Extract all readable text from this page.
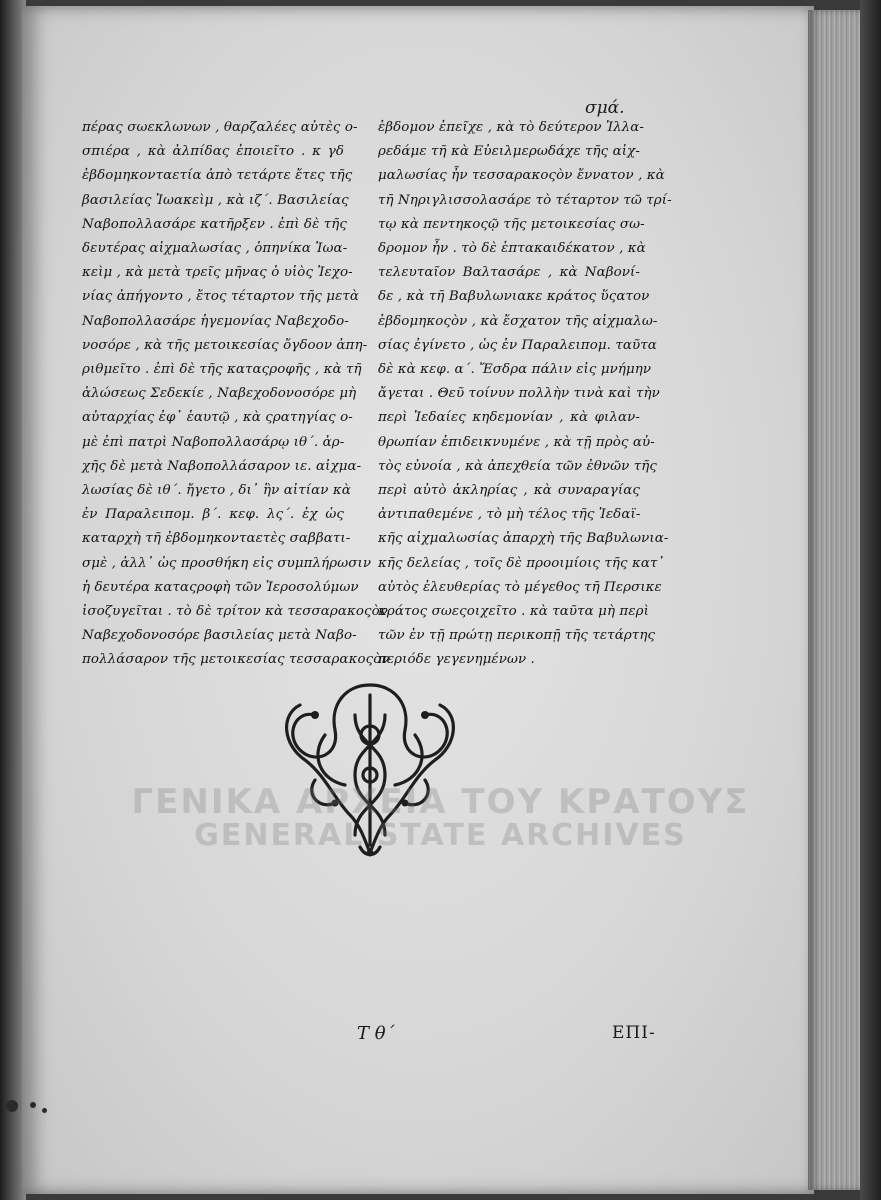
σμά.
πέρας σωεκλωνων , θαρζαλέες αὐτὲς ο-
σπιέρα , κὰ ἀλπίδας ἐποιεῖτο . κ γδ
ἐβδομηκονταετία ἀπὸ τετάρτε ἔτες τῆς
βασιλείας Ἰωακεὶμ , κὰ ιζ΄. Βασιλείας
Ναβοπολλασάρε κατῆρξεν . ἐπὶ δὲ τῆς
δευτέρας αἰχμαλωσίας , ὁπηνίκα Ἰωα-
κεὶμ , κὰ μετὰ τρεῖς μῆνας ὁ υἱὸς Ἰεχο-
νίας ἀπήγοντο , ἔτος τέταρτον τῆς μετὰ
Ναβοπολλασάρε ἡγεμονίας Ναβεχοδο-
νοσόρε , κὰ τῆς μετοικεσίας ὄγδοον ἀπη-
ριθμεῖτο . ἐπὶ δὲ τῆς καταςροφῆς , κὰ τῆ
ἁλώσεως Σεδεκίε , Ναβεχοδονοσόρε μὴ
αὐταρχίας ἐφ᾽ ἑαυτῷ , κὰ ςρατηγίας ο-
μὲ ἐπὶ πατρὶ Ναβοπολλασάρῳ ιθ΄. ἀρ-
χῆς δὲ μετὰ Ναβοπολλάσαρον ιε. αἰχμα-
λωσίας δὲ ιθ΄. ἤγετο , δι᾽ ἣν αἰτίαν κὰ
ἐν Παραλειπομ. β΄. κεφ. λς΄. ἐχ ὡς
καταρχὴ τῆ ἐβδομηκονταετὲς σαββατι-
σμὲ , ἀλλ᾽ ὡς προσθήκη εἰς συμπλήρωσιν
ἡ δευτέρα καταςροφὴ τῶν Ἱεροσολύμων
ἰσοζυγεῖται . τὸ δὲ τρίτον κὰ τεσσαρακοςὸν
Ναβεχοδονοσόρε βασιλείας μετὰ Ναβο-
πολλάσαρον τῆς μετοικεσίας τεσσαρακοςὸν
ἑβδομον ἐπεῖχε , κὰ τὸ δεύτερον Ἰλλα-
ρεδάμε τῆ κὰ Εὐειλμερωδάχε τῆς αἰχ-
μαλωσίας ἦν τεσσαρακοςὸν ἔννατον , κὰ
τῆ Νηριγλισσολασάρε τὸ τέταρτον τῶ τρί-
τῳ κὰ πεντηκοςῷ τῆς μετοικεσίας σω-
δρομον ἦν . τὸ δὲ ἑπτακαιδέκατον , κὰ
τελευταῖον Βαλτασάρε , κὰ Ναβονί-
δε , κὰ τῆ Βαβυλωνιακε κράτος ὕςατον
ἑβδομηκοςὸν , κὰ ἔσχατον τῆς αἰχμαλω-
σίας ἐγίνετο , ὡς ἐν Παραλειπομ. ταῦτα
δὲ κὰ κεφ. α΄. Ἔσδρα πάλιν εἰς μνήμην
ἄγεται . Θεῦ τοίνυν πολλὴν τινὰ καὶ τὴν
περὶ Ἰεδαίες κηδεμονίαν , κὰ φιλαν-
θρωπίαν ἐπιδεικνυμένε , κὰ τῇ πρὸς αὐ-
τὸς εὐνοία , κὰ ἀπεχθεία τῶν ἐθνῶν τῆς
περὶ αὐτὸ ἀκληρίας , κὰ συναραγίας
ἀντιπαθεμένε , τὸ μὴ τέλος τῆς Ἰεδαϊ-
κῆς αἰχμαλωσίας ἀπαρχὴ τῆς Βαβυλωνια-
κῆς δελείας , τοῖς δὲ προοιμίοις τῆς κατ᾽
αὐτὸς ἐλευθερίας τὸ μέγεθος τῆ Περσικε
κράτος σωεςοιχεῖτο . κὰ ταῦτα μὴ περὶ
τῶν ἐν τῇ πρώτῃ περικοπῇ τῆς τετάρτης
περιόδε γεγενημένων .
ΓΕΝΙΚΑ ΑΡΧΕΙΑ ΤΟΥ ΚΡΑΤΟΥΣ
GENERAL STATE ARCHIVES
Τ θ΄	ΕΠΙ-
